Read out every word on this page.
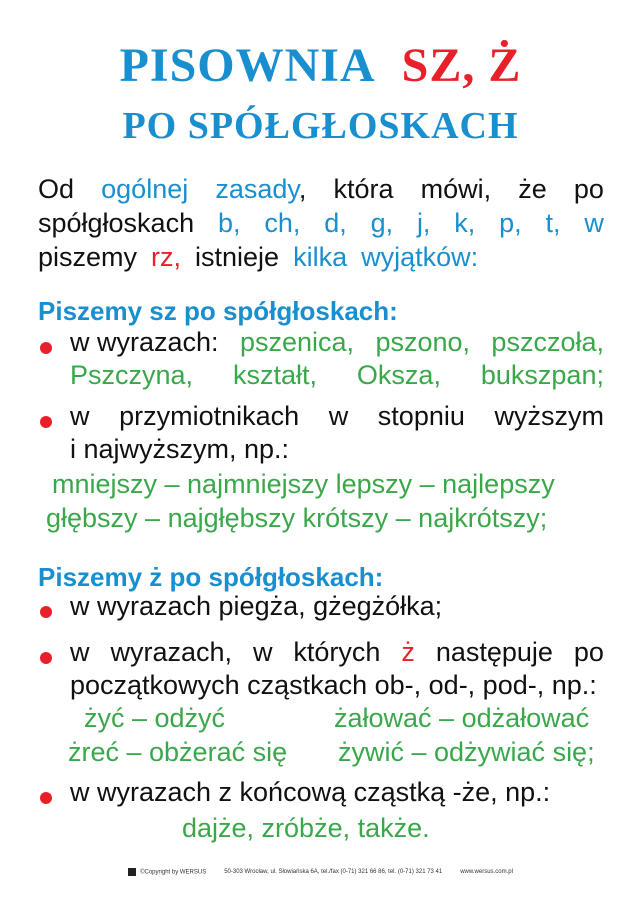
PISOWNIA SZ, Ż
PO SPÓŁGŁOSKACH
Od ogólnej zasady, która mówi, że po
spółgłoskach b, ch, d, g, j, k, p, t, w
piszemy rz, istnieje kilka wyjątków:
Piszemy sz po spółgłoskach:
w wyrazach: pszenica, pszono, pszczoła,
Pszczyna, kształt, Oksza, bukszpan;
w przymiotnikach w stopniu wyższym
i najwyższym, np.:
mniejszy – najmniejszy lepszy – najlepszy
głębszy – najgłębszy krótszy – najkrótszy;
Piszemy ż po spółgłoskach:
w wyrazach piegża, gżegżółka;
w wyrazach, w których ż następuje po
początkowych cząstkach ob-, od-, pod-, np.:
żyć – odżyć	żałować – odżałować
żreć – obżerać się żywić – odżywiać się;
w wyrazach z końcową cząstką -że, np.:
dajże, zróbże, także.
©Copyright by WERSUS	50-303 Wrocław, ul. Słowiańska 6A, tel./fax (0-71) 321 66 86, tel. (0-71) 321 73 41	www.wersus.com.pl
